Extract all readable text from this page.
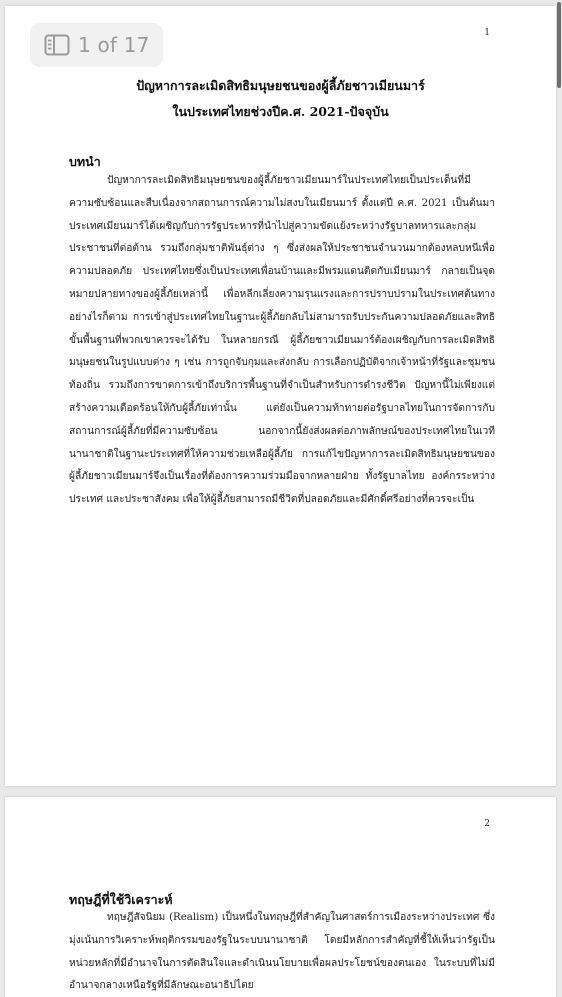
1
ปัญหาการละเมิดสิทธิมนุษยชนของผู้ลี้ภัยชาวเมียนมาร์
ในประเทศไทยช่วงปีค.ศ. 2021-ปัจจุบัน
บทนำ

ปัญหาการละเมิดสิทธิมนุษยชนของผู้ลี้ภัยชาวเมียนมาร์ในประเทศไทยเป็นประเด็นที่มีความซับซ้อนและสืบเนื่องจากสถานการณ์ความไม่สงบในเมียนมาร์ ตั้งแต่ปี ค.ศ. 2021 เป็นต้นมา ประเทศเมียนมาร์ได้เผชิญกับการรัฐประหารที่นำไปสู่ความขัดแย้งระหว่างรัฐบาลทหารและกลุ่มประชาชนที่ต่อต้าน รวมถึงกลุ่มชาติพันธุ์ต่าง ๆ ซึ่งส่งผลให้ประชาชนจำนวนมากต้องหลบหนีเพื่อความปลอดภัย ประเทศไทยซึ่งเป็นประเทศเพื่อนบ้านและมีพรมแดนติดกับเมียนมาร์ กลายเป็นจุดหมายปลายทางของผู้ลี้ภัยเหล่านี้ เพื่อหลีกเลี่ยงความรุนแรงและการปราบปรามในประเทศต้นทาง อย่างไรก็ตาม การเข้าสู่ประเทศไทยในฐานะผู้ลี้ภัยกลับไม่สามารถรับประกันความปลอดภัยและสิทธิขั้นพื้นฐานที่พวกเขาควรจะได้รับ ในหลายกรณี ผู้ลี้ภัยชาวเมียนมาร์ต้องเผชิญกับการละเมิดสิทธิมนุษยชนในรูปแบบต่าง ๆ เช่น การถูกจับกุมและส่งกลับ การเลือกปฏิบัติจากเจ้าหน้าที่รัฐและชุมชนท้องถิ่น รวมถึงการขาดการเข้าถึงบริการพื้นฐานที่จำเป็นสำหรับการดำรงชีวิต ปัญหานี้ไม่เพียงแต่สร้างความเดือดร้อนให้กับผู้ลี้ภัยเท่านั้น แต่ยังเป็นความท้าทายต่อรัฐบาลไทยในการจัดการกับสถานการณ์ผู้ลี้ภัยที่มีความซับซ้อน นอกจากนี้ยังส่งผลต่อภาพลักษณ์ของประเทศไทยในเวทีนานาชาติในฐานะประเทศที่ให้ความช่วยเหลือผู้ลี้ภัย การแก้ไขปัญหาการละเมิดสิทธิมนุษยชนของผู้ลี้ภัยชาวเมียนมาร์จึงเป็นเรื่องที่ต้องการความร่วมมือจากหลายฝ่าย ทั้งรัฐบาลไทย องค์กรระหว่างประเทศ และประชาสังคม เพื่อให้ผู้ลี้ภัยสามารถมีชีวิตที่ปลอดภัยและมีศักดิ์ศรีอย่างที่ควรจะเป็น

2
ทฤษฎีที่ใช้วิเคราะห์

ทฤษฎีสัจนิยม (Realism) เป็นหนึ่งในทฤษฎีที่สำคัญในศาสตร์การเมืองระหว่างประเทศ ซึ่งมุ่งเน้นการวิเคราะห์พฤติกรรมของรัฐในระบบนานาชาติ โดยมีหลักการสำคัญที่ชี้ให้เห็นว่ารัฐเป็นหน่วยหลักที่มีอำนาจในการตัดสินใจและดำเนินนโยบายเพื่อผลประโยชน์ของตนเอง ในระบบที่ไม่มีอำนาจกลางเหนือรัฐที่มีลักษณะอนาธิปไตย

1 of 17
